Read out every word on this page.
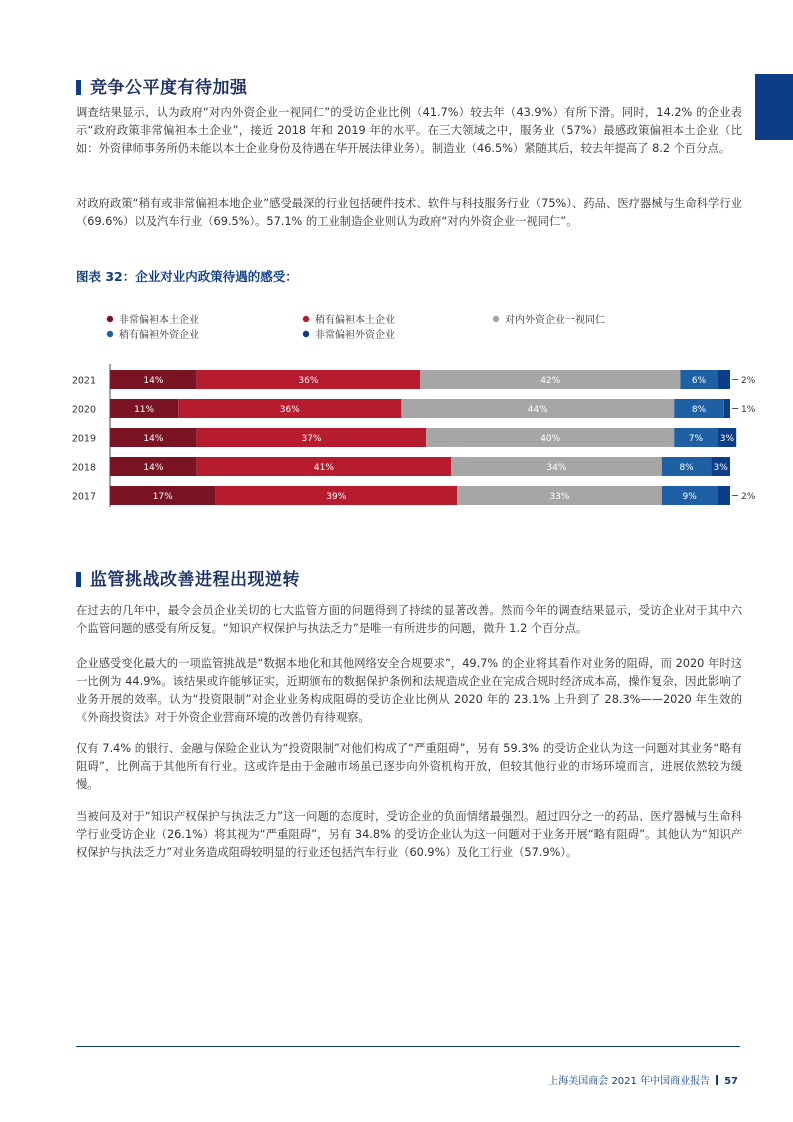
竞争公平度有待加强
调查结果显示，认为政府“对内外资企业一视同仁”的受访企业比例（41.7%）较去年（43.9%）有所下滑。同时，14.2% 的企业表示“政府政策非常偏袒本土企业”，接近 2018 年和 2019 年的水平。在三大领域之中，服务业（57%）最感政策偏袒本土企业（比如：外资律师事务所仍未能以本土企业身份及待遇在华开展法律业务）。制造业（46.5%）紧随其后，较去年提高了 8.2 个百分点。
对政府政策“稍有或非常偏袒本地企业”感受最深的行业包括硬件技术、软件与科技服务行业（75%）、药品、医疗器械与生命科学行业（69.6%）以及汽车行业（69.5%）。57.1% 的工业制造企业则认为政府“对内外资企业一视同仁”。
图表 32：企业对业内政策待遇的感受：
非常偏袒本土企业	稍有偏袒本土企业	对内外资企业一视同仁
稍有偏袒外资企业	非常偏袒外资企业
2021	14%	36%	42%	6%	2%
2020	11%	36%	44%	8%	1%
2019	14%	37%	40%	7% 3%
2018	14%	41%	34%	8% 3%
2017	17%	39%	33%	9%	2%
监管挑战改善进程出现逆转
在过去的几年中，最令会员企业关切的七大监管方面的问题得到了持续的显著改善。然而今年的调查结果显示，受访企业对于其中六个监管问题的感受有所反复。“知识产权保护与执法乏力”是唯一有所进步的问题，微升 1.2 个百分点。
企业感受变化最大的一项监管挑战是“数据本地化和其他网络安全合规要求”，49.7% 的企业将其看作对业务的阻碍，而 2020 年时这一比例为 44.9%。该结果或许能够证实，近期颁布的数据保护条例和法规造成企业在完成合规时经济成本高，操作复杂，因此影响了业务开展的效率。认为“投资限制”对企业业务构成阻碍的受访企业比例从 2020 年的 23.1% 上升到了 28.3%——2020 年生效的《外商投资法》对于外资企业营商环境的改善仍有待观察。
仅有 7.4% 的银行、金融与保险企业认为“投资限制”对他们构成了“严重阻碍”，另有 59.3% 的受访企业认为这一问题对其业务“略有阻碍”，比例高于其他所有行业。这或许是由于金融市场虽已逐步向外资机构开放，但较其他行业的市场环境而言，进展依然较为缓慢。
当被问及对于“知识产权保护与执法乏力”这一问题的态度时，受访企业的负面情绪最强烈。超过四分之一的药品、医疗器械与生命科学行业受访企业（26.1%）将其视为“严重阻碍”，另有 34.8% 的受访企业认为这一问题对于业务开展“略有阻碍”。其他认为“知识产权保护与执法乏力”对业务造成阻碍较明显的行业还包括汽车行业（60.9%）及化工行业（57.9%）。
上海美国商会 2021 年中国商业报告 57
